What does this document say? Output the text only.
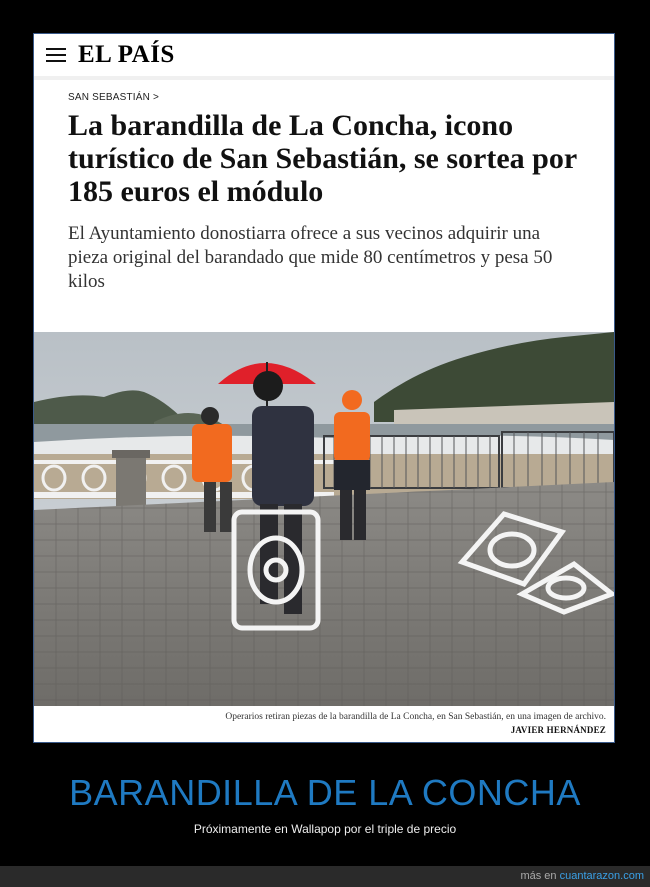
EL PAÍS
SAN SEBASTIÁN >
La barandilla de La Concha, icono turístico de San Sebastián, se sortea por 185 euros el módulo
El Ayuntamiento donostiarra ofrece a sus vecinos adquirir una pieza original del barandado que mide 80 centímetros y pesa 50 kilos
Operarios retiran piezas de la barandilla de La Concha, en San Sebastián, en una imagen de archivo.
JAVIER HERNÁNDEZ
BARANDILLA DE LA CONCHA
Próximamente en Wallapop por el triple de precio
más en cuantarazon.com
